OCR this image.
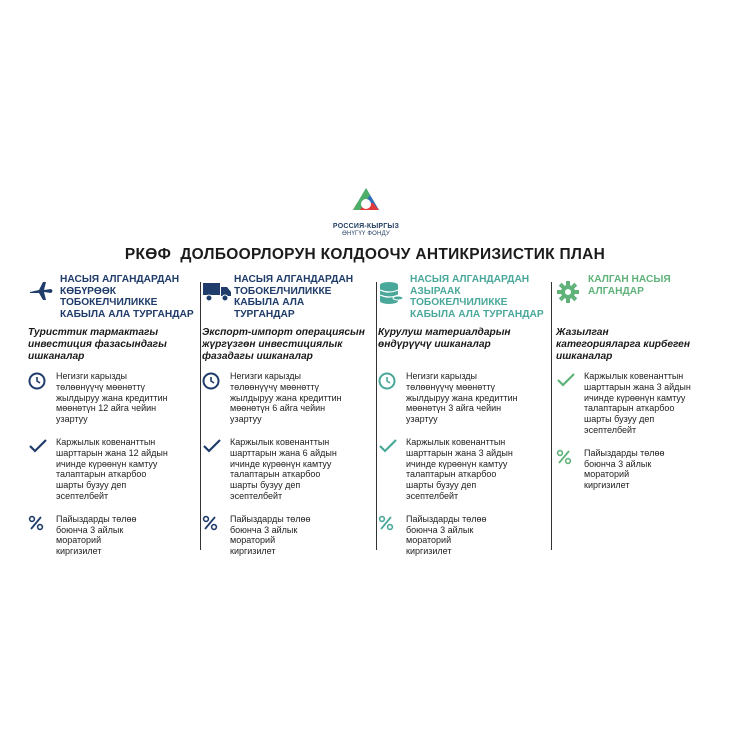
РОССИЯ-КЫРГЫЗ
ӨНҮГҮҮ ФОНДУ
РКӨФ  ДОЛБООРЛОРУН КОЛДООЧУ АНТИКРИЗИСТИК ПЛАН
НАСЫЯ АЛГАНДАРДАН
КӨБҮРӨӨК
ТОБОКЕЛЧИЛИККЕ
КАБЫЛА АЛА ТУРГАНДАР
Туристтик тармактагы
инвестиция фазасындагы
ишканалар
Негизги карызды
төлөөнүүчү мөөнөттү
жылдыруу жана кредиттин
мөөнөтүн 12 айга чейин
узартуу
Каржылык ковенанттын
шарттарын жана 12 айдын
ичинде күрөөнүн камтуу
талаптарын аткарбоо
шарты бузуу деп
эсептелбейт
Пайыздарды төлөө
боюнча 3 айлык
мораторий
киргизилет
НАСЫЯ АЛГАНДАРДАН
ТОБОКЕЛЧИЛИККЕ
КАБЫЛА АЛА
ТУРГАНДАР
Экспорт-импорт операциясын
жүргүзгөн инвестициялык
фазадагы ишканалар
Негизги карызды
төлөөнүүчү мөөнөттү
жылдыруу жана кредиттин
мөөнөтүн 6 айга чейин
узартуу
Каржылык ковенанттын
шарттарын жана 6 айдын
ичинде күрөөнүн камтуу
талаптарын аткарбоо
шарты бузуу деп
эсептелбейт
Пайыздарды төлөө
боюнча 3 айлык
мораторий
киргизилет
НАСЫЯ АЛГАНДАРДАН
АЗЫРААК
ТОБОКЕЛЧИЛИККЕ
КАБЫЛА АЛА ТУРГАНДАР
Курулуш материалдарын
өндүрүүчү ишканалар
Негизги карызды
төлөөнүүчү мөөнөттү
жылдыруу жана кредиттин
мөөнөтүн 3 айга чейин
узартуу
Каржылык ковенанттын
шарттарын жана 3 айдын
ичинде күрөөнүн камтуу
талаптарын аткарбоо
шарты бузуу деп
эсептелбейт
Пайыздарды төлөө
боюнча 3 айлык
мораторий
киргизилет
КАЛГАН НАСЫЯ
АЛГАНДАР
Жазылган
категорияларга кирбеген
ишканалар
Каржылык ковенанттын
шарттарын жана 3 айдын
ичинде күрөөнүн камтуу
талаптарын аткарбоо
шарты бузуу деп
эсептелбейт
Пайыздарды төлөө
боюнча 3 айлык
мораторий
киргизилет
